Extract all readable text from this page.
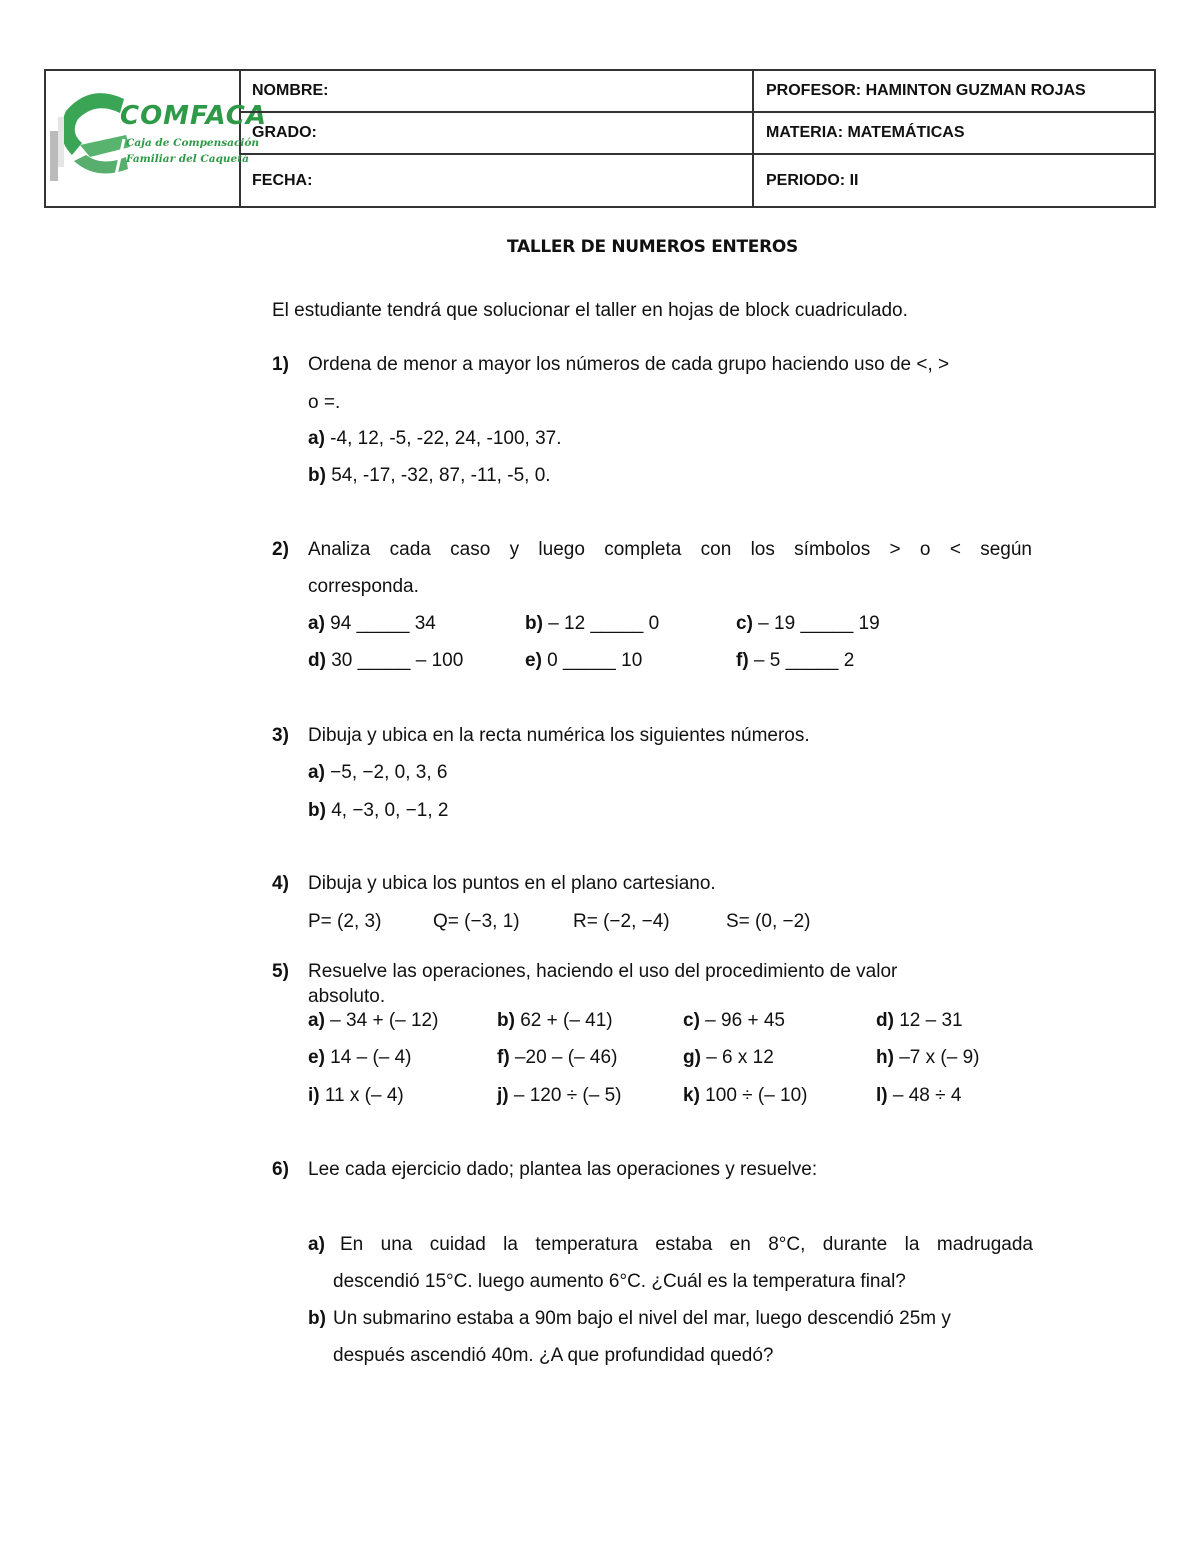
COMFACA
Caja de Compensación
Familiar del Caquetá
NOMBRE:	PROFESOR: HAMINTON GUZMAN ROJAS
GRADO:	MATERIA: MATEMÁTICAS
FECHA:	PERIODO: II
TALLER DE NUMEROS ENTEROS
El estudiante tendrá que solucionar el taller en hojas de block cuadriculado.
1) Ordena de menor a mayor los números de cada grupo haciendo uso de <, >
o =.
a) -4, 12, -5, -22, 24, -100, 37.
b) 54, -17, -32, 87, -11, -5, 0.
2) Analiza cada caso y luego completa con los símbolos > o < según
corresponda.
a) 94 _____ 34	b) – 12 _____ 0	c) – 19 _____ 19
d) 30 _____ – 100	e) 0 _____ 10	f) – 5 _____ 2
3) Dibuja y ubica en la recta numérica los siguientes números.
a) −5, −2, 0, 3, 6
b) 4, −3, 0, −1, 2
4) Dibuja y ubica los puntos en el plano cartesiano.
P= (2, 3)	Q= (−3, 1)	R= (−2, −4)	S= (0, −2)
5) Resuelve las operaciones, haciendo el uso del procedimiento de valor
absoluto.
a) – 34 + (– 12)	b) 62 + (– 41)	c) – 96 + 45	d) 12 – 31
e) 14 – (– 4)	f) –20 – (– 46)	g) – 6 x 12	h) –7 x (– 9)
i) 11 x (– 4)	j) – 120 ÷ (– 5)	k) 100 ÷ (– 10)	l) – 48 ÷ 4
6) Lee cada ejercicio dado; plantea las operaciones y resuelve:
a) En una cuidad la temperatura estaba en 8°C, durante la madrugada
descendió 15°C. luego aumento 6°C. ¿Cuál es la temperatura final?
b) Un submarino estaba a 90m bajo el nivel del mar, luego descendió 25m y
después ascendió 40m. ¿A que profundidad quedó?
